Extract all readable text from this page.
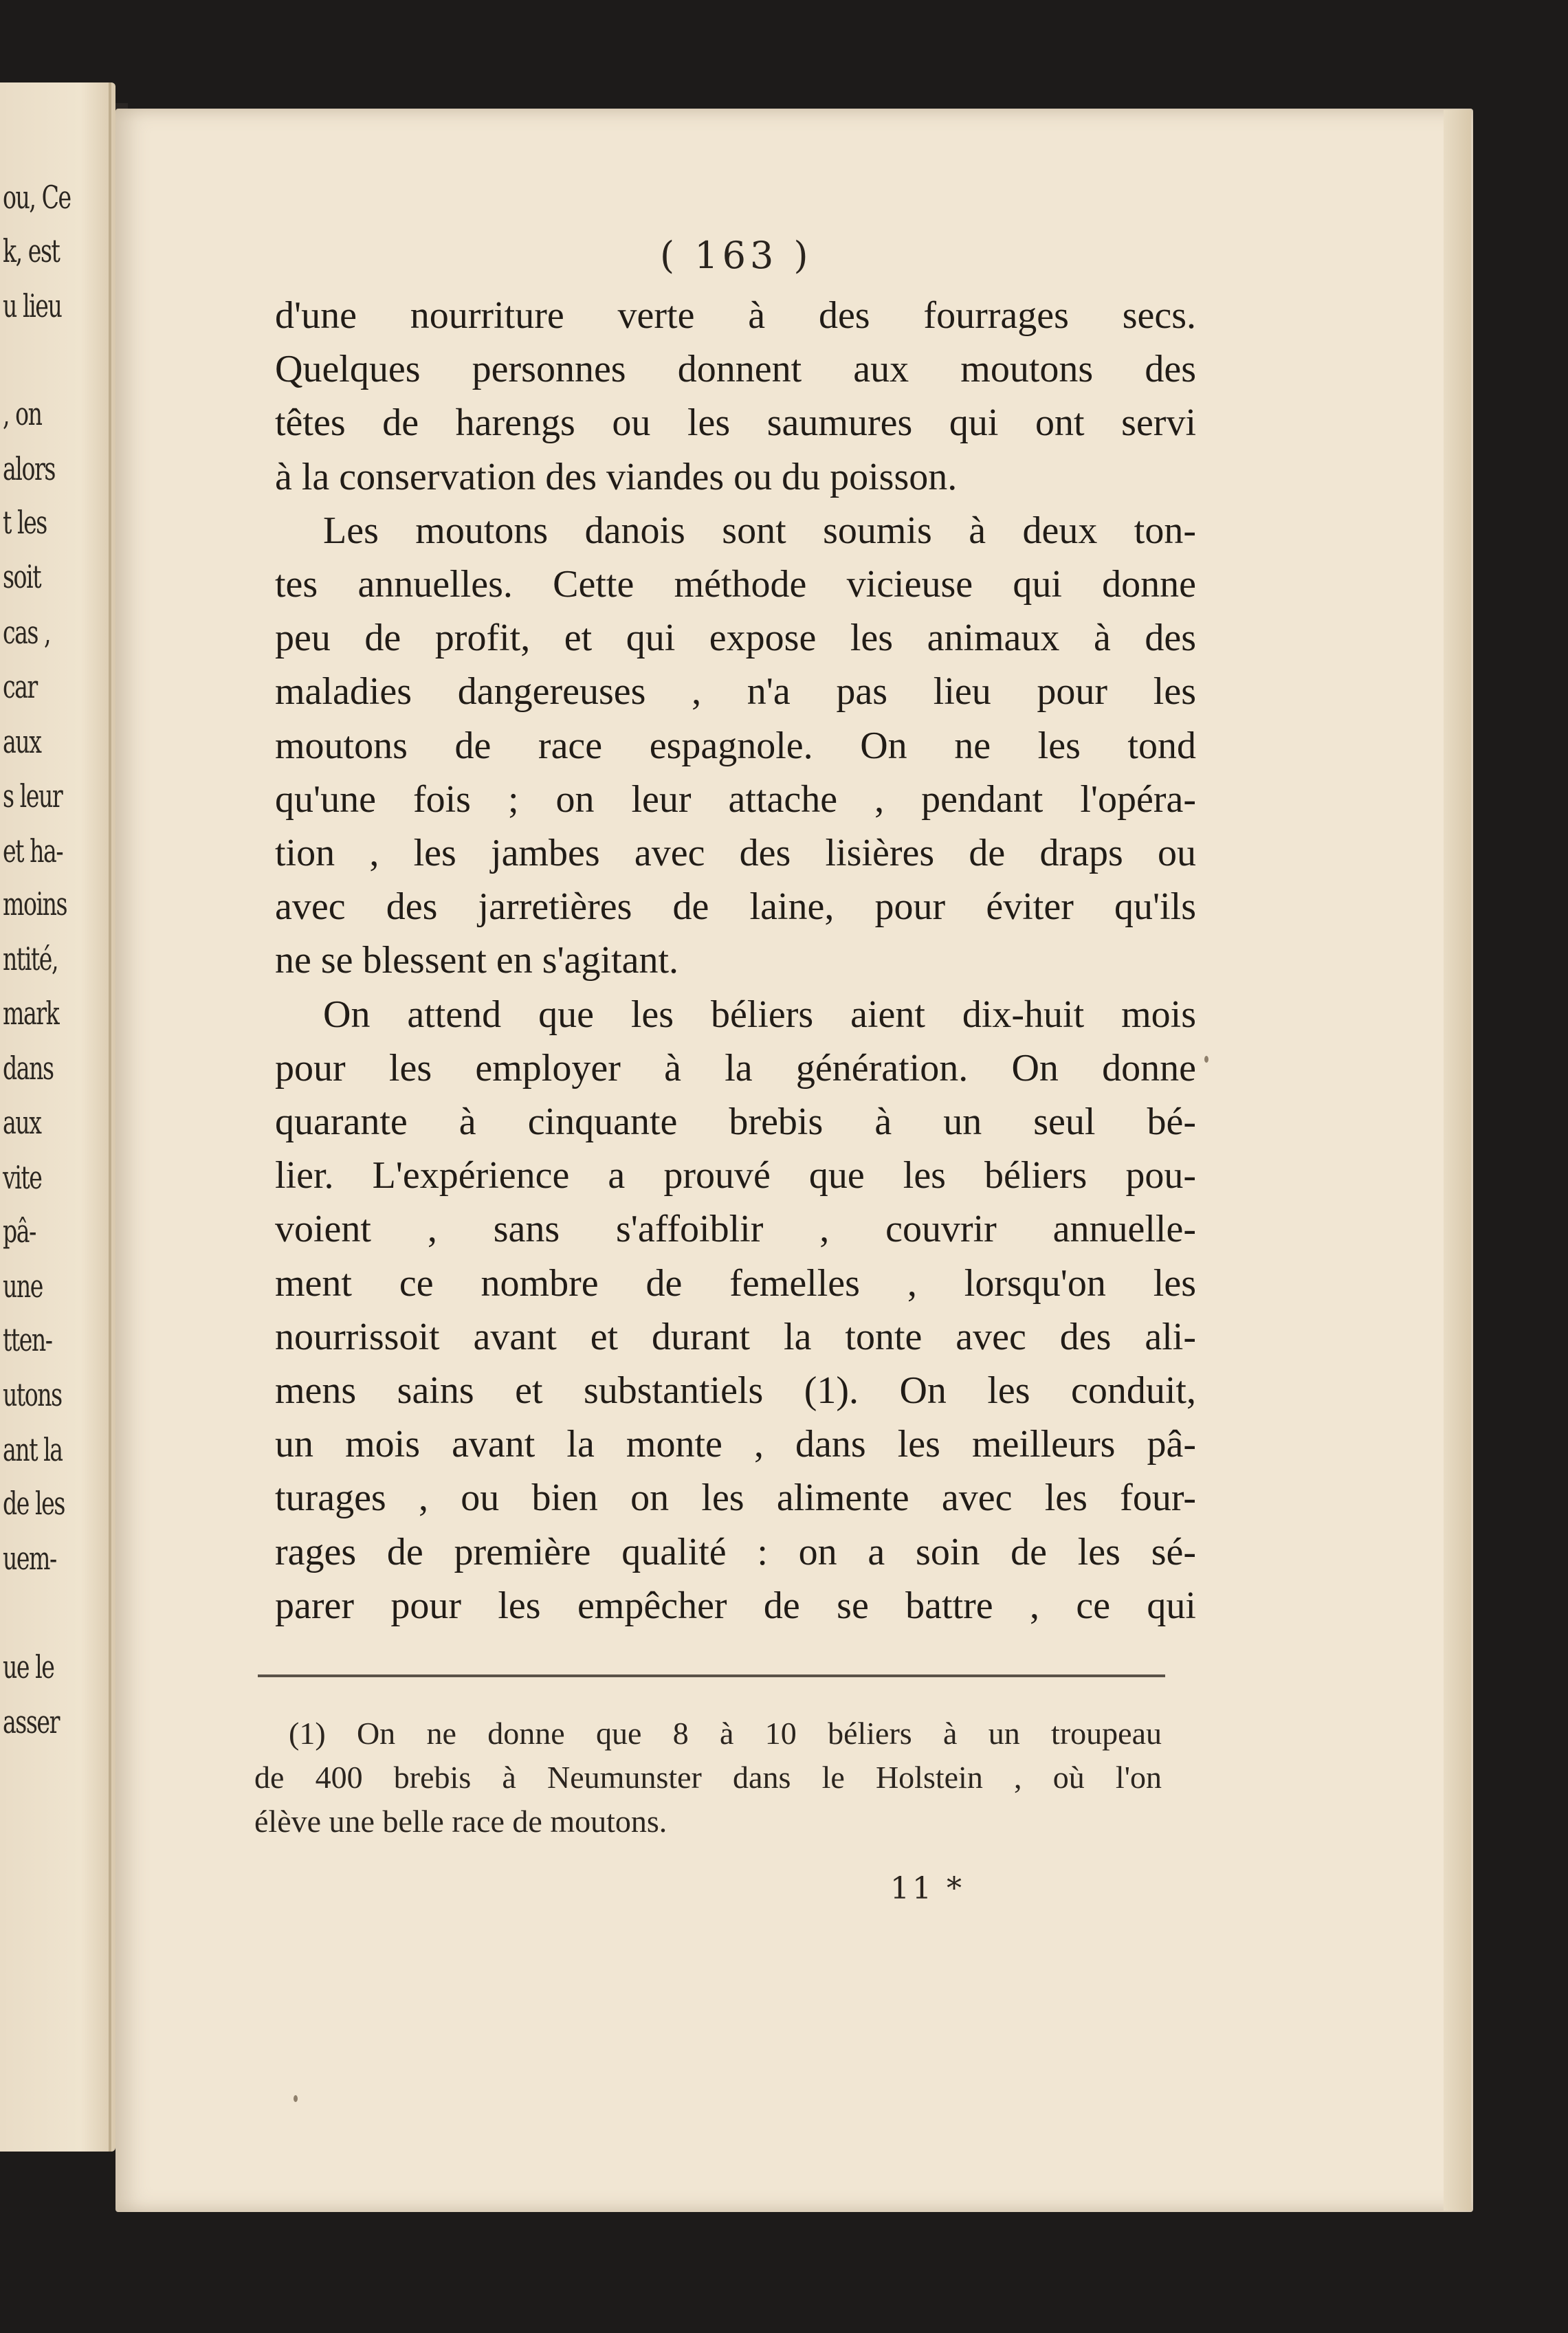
ou, Ce
k, est
u lieu
, on
alors
t les
soit
cas ,
car
aux
s leur
et ha-
moins
ntité,
mark
dans
aux
vite
pâ-
une
tten-
utons
ant la
de les
uem-
ue le
asser
( 163 )
d'une nourriture verte à des fourrages secs.
Quelques personnes donnent aux moutons des
têtes de harengs ou les saumures qui ont servi
à la conservation des viandes ou du poisson.
Les moutons danois sont soumis à deux ton-
tes annuelles. Cette méthode vicieuse qui donne
peu de profit, et qui expose les animaux à des
maladies dangereuses , n'a pas lieu pour les
moutons de race espagnole. On ne les tond
qu'une fois ; on leur attache , pendant l'opéra-
tion , les jambes avec des lisières de draps ou
avec des jarretières de laine, pour éviter qu'ils
ne se blessent en s'agitant.
On attend que les béliers aient dix-huit mois
pour les employer à la génération. On donne
quarante à cinquante brebis à un seul bé-
lier. L'expérience a prouvé que les béliers pou-
voient , sans s'affoiblir , couvrir annuelle-
ment ce nombre de femelles , lorsqu'on les
nourrissoit avant et durant la tonte avec des ali-
mens sains et substantiels (1). On les conduit,
un mois avant la monte , dans les meilleurs pâ-
turages , ou bien on les alimente avec les four-
rages de première qualité : on a soin de les sé-
parer pour les empêcher de se battre , ce qui
(1) On ne donne que 8 à 10 béliers à un troupeau
de 400 brebis à Neumunster dans le Holstein , où l'on
élève une belle race de moutons.
11 *
